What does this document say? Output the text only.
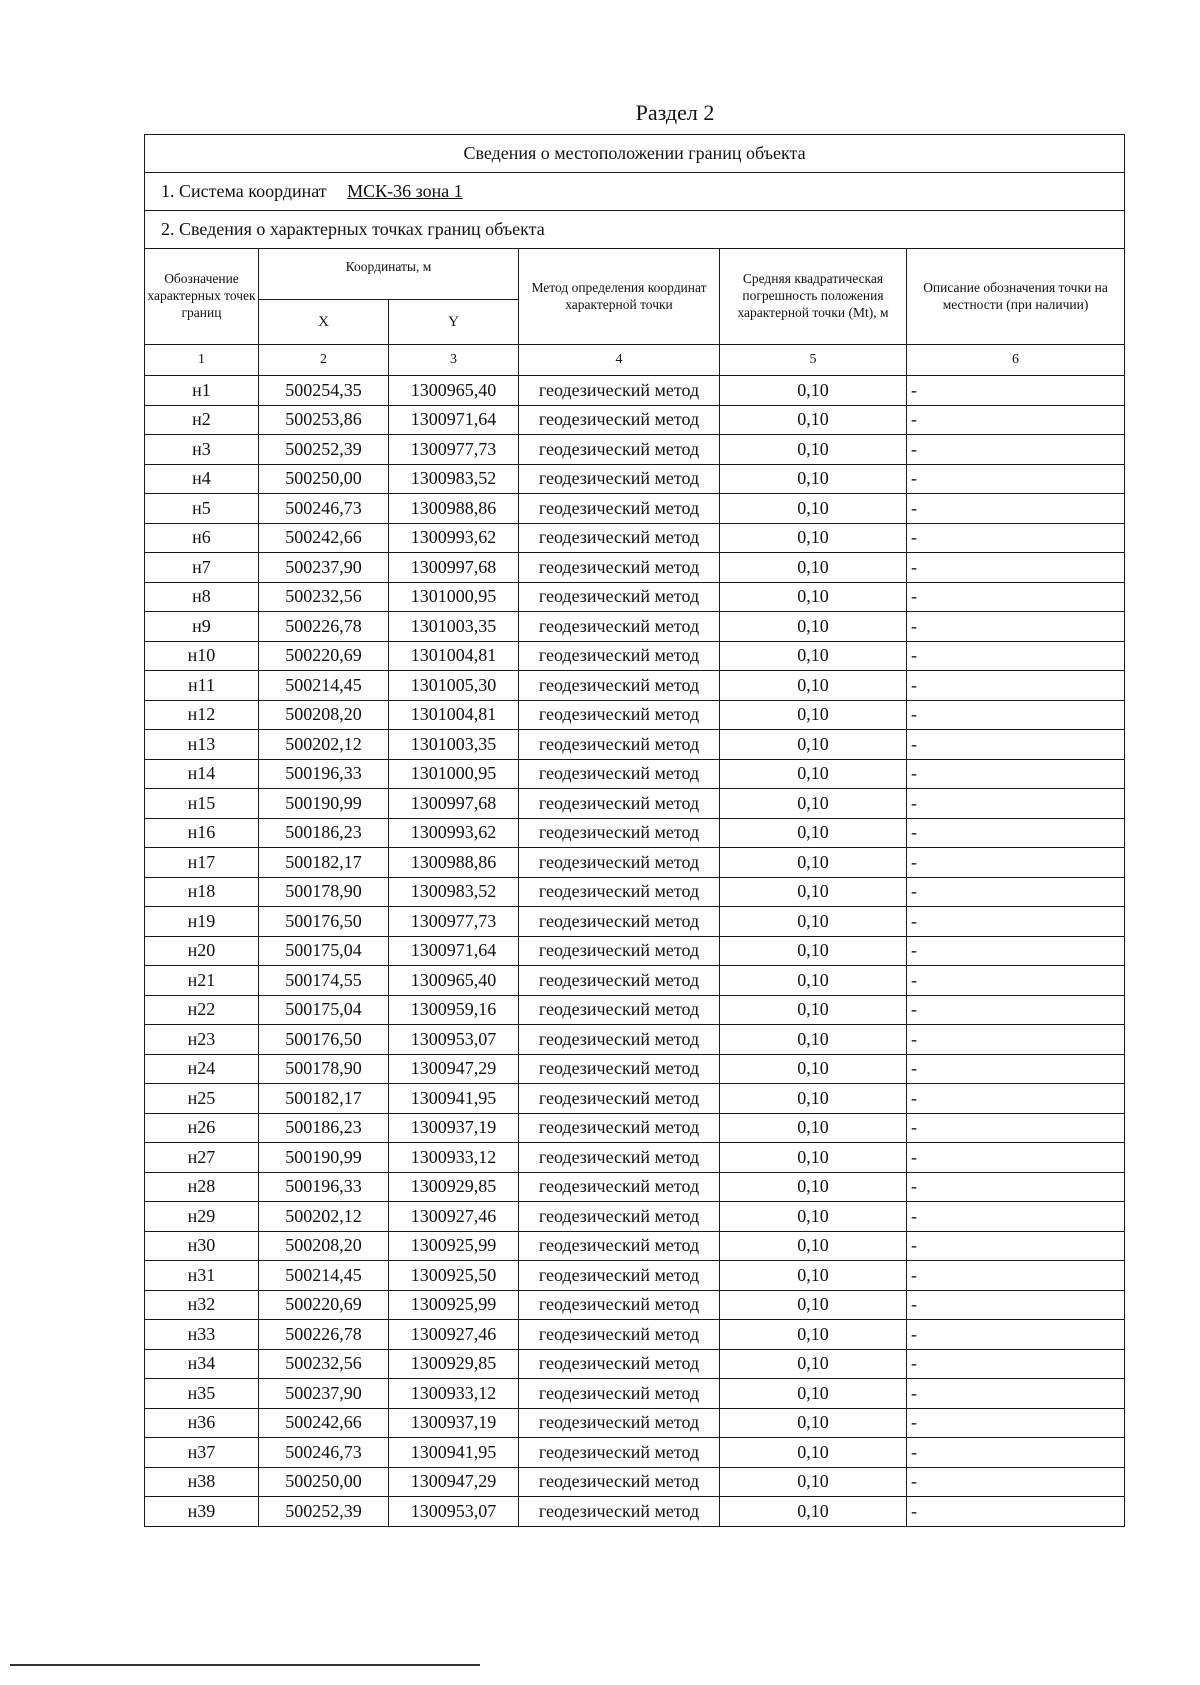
Раздел 2
Сведения о местоположении границ объекта					
1. Система координат МСК-36 зона 1					
2. Сведения о характерных точках границ объекта					
Обозначение характерных точек границ	Координаты, м		Метод определения координат характерной точки	Средняя квадратическая погрешность положения характерной точки (Mt), м	Описание обозначения точки на местности (при наличии)
	X	Y			
1	2	3	4	5	6
н1	500254,35	1300965,40	геодезический метод	0,10	-
н2	500253,86	1300971,64	геодезический метод	0,10	-
н3	500252,39	1300977,73	геодезический метод	0,10	-
н4	500250,00	1300983,52	геодезический метод	0,10	-
н5	500246,73	1300988,86	геодезический метод	0,10	-
н6	500242,66	1300993,62	геодезический метод	0,10	-
н7	500237,90	1300997,68	геодезический метод	0,10	-
н8	500232,56	1301000,95	геодезический метод	0,10	-
н9	500226,78	1301003,35	геодезический метод	0,10	-
н10	500220,69	1301004,81	геодезический метод	0,10	-
н11	500214,45	1301005,30	геодезический метод	0,10	-
н12	500208,20	1301004,81	геодезический метод	0,10	-
н13	500202,12	1301003,35	геодезический метод	0,10	-
н14	500196,33	1301000,95	геодезический метод	0,10	-
н15	500190,99	1300997,68	геодезический метод	0,10	-
н16	500186,23	1300993,62	геодезический метод	0,10	-
н17	500182,17	1300988,86	геодезический метод	0,10	-
н18	500178,90	1300983,52	геодезический метод	0,10	-
н19	500176,50	1300977,73	геодезический метод	0,10	-
н20	500175,04	1300971,64	геодезический метод	0,10	-
н21	500174,55	1300965,40	геодезический метод	0,10	-
н22	500175,04	1300959,16	геодезический метод	0,10	-
н23	500176,50	1300953,07	геодезический метод	0,10	-
н24	500178,90	1300947,29	геодезический метод	0,10	-
н25	500182,17	1300941,95	геодезический метод	0,10	-
н26	500186,23	1300937,19	геодезический метод	0,10	-
н27	500190,99	1300933,12	геодезический метод	0,10	-
н28	500196,33	1300929,85	геодезический метод	0,10	-
н29	500202,12	1300927,46	геодезический метод	0,10	-
н30	500208,20	1300925,99	геодезический метод	0,10	-
н31	500214,45	1300925,50	геодезический метод	0,10	-
н32	500220,69	1300925,99	геодезический метод	0,10	-
н33	500226,78	1300927,46	геодезический метод	0,10	-
н34	500232,56	1300929,85	геодезический метод	0,10	-
н35	500237,90	1300933,12	геодезический метод	0,10	-
н36	500242,66	1300937,19	геодезический метод	0,10	-
н37	500246,73	1300941,95	геодезический метод	0,10	-
н38	500250,00	1300947,29	геодезический метод	0,10	-
н39	500252,39	1300953,07	геодезический метод	0,10	-
